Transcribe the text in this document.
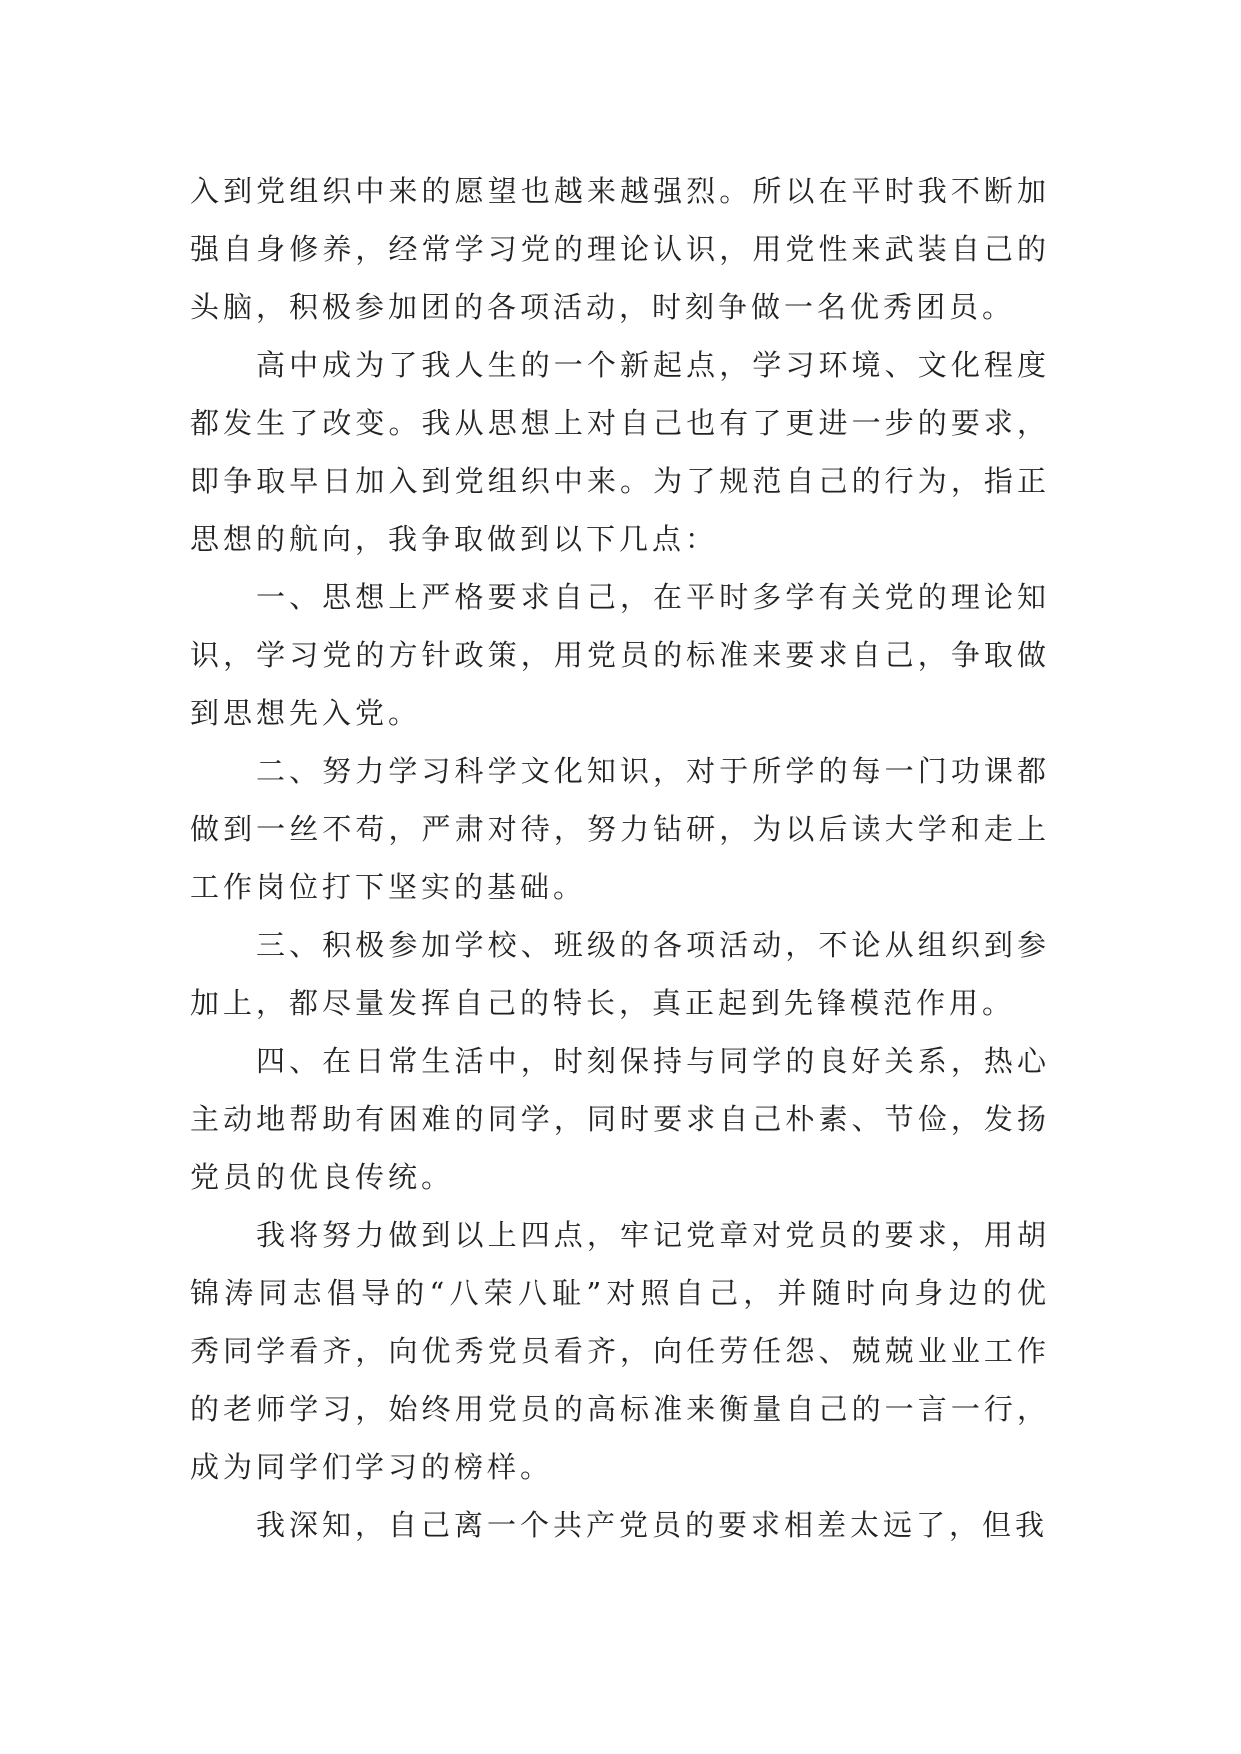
入到党组织中来的愿望也越来越强烈。所以在平时我不断加强自身修养，经常学习党的理论认识，用党性来武装自己的头脑，积极参加团的各项活动，时刻争做一名优秀团员。

高中成为了我人生的一个新起点，学习环境、文化程度都发生了改变。我从思想上对自己也有了更进一步的要求，即争取早日加入到党组织中来。为了规范自己的行为，指正思想的航向，我争取做到以下几点：

一、思想上严格要求自己，在平时多学有关党的理论知识，学习党的方针政策，用党员的标准来要求自己，争取做到思想先入党。

二、努力学习科学文化知识，对于所学的每一门功课都做到一丝不苟，严肃对待，努力钻研，为以后读大学和走上工作岗位打下坚实的基础。

三、积极参加学校、班级的各项活动，不论从组织到参加上，都尽量发挥自己的特长，真正起到先锋模范作用。

四、在日常生活中，时刻保持与同学的良好关系，热心主动地帮助有困难的同学，同时要求自己朴素、节俭，发扬党员的优良传统。

我将努力做到以上四点，牢记党章对党员的要求，用胡锦涛同志倡导的“八荣八耻”对照自己，并随时向身边的优秀同学看齐，向优秀党员看齐，向任劳任怨、兢兢业业工作的老师学习，始终用党员的高标准来衡量自己的一言一行，成为同学们学习的榜样。

我深知，自己离一个共产党员的要求相差太远了，但我
